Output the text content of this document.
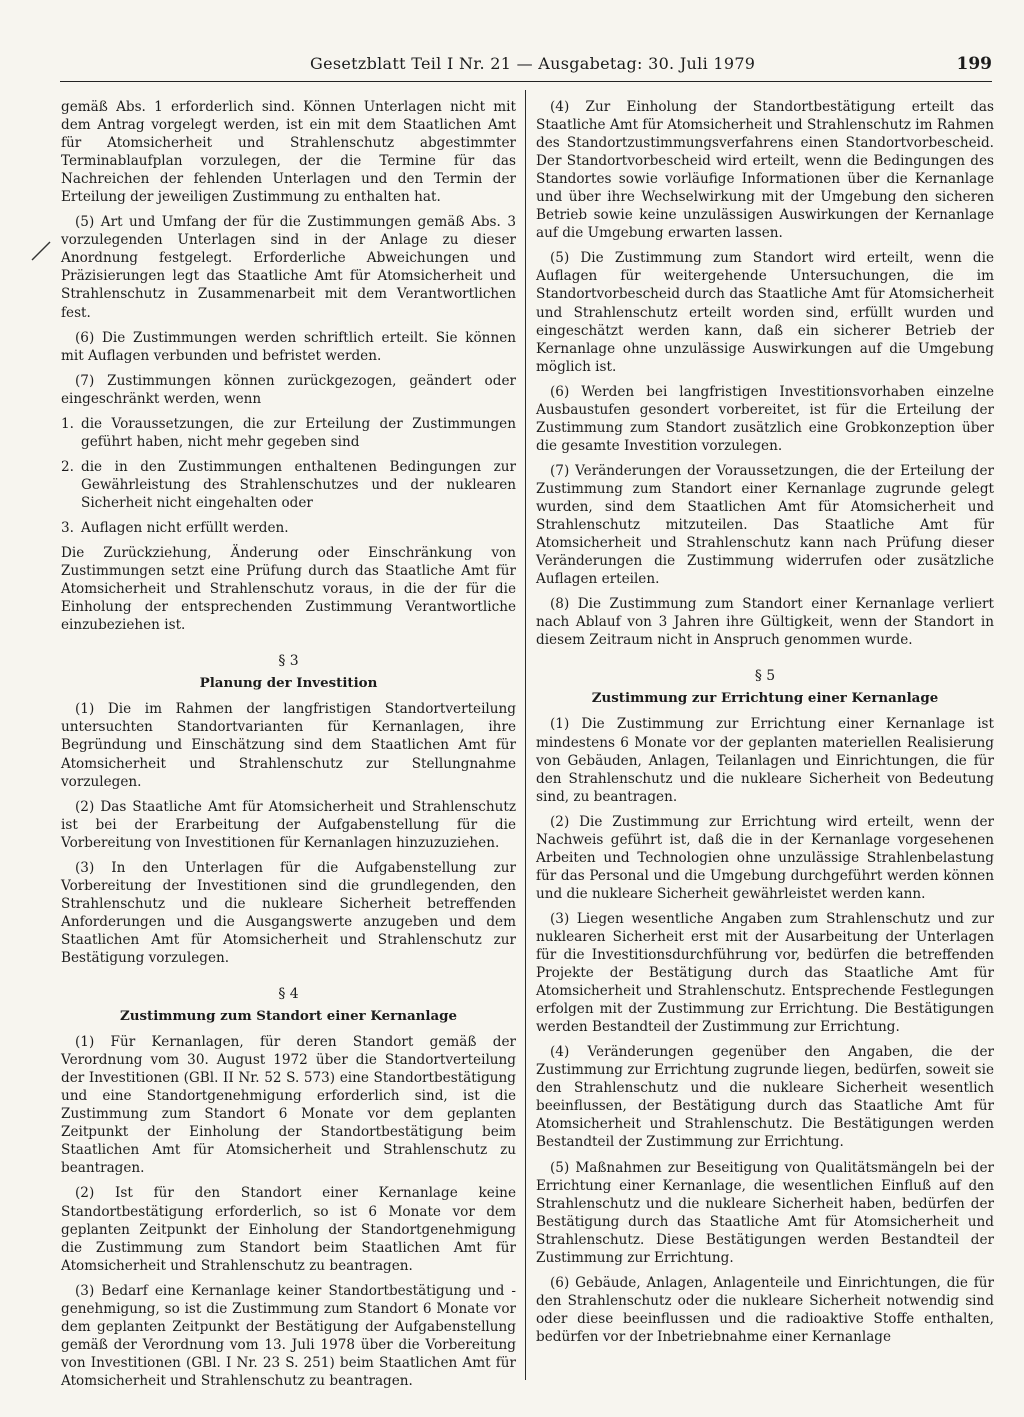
Gesetzblatt Teil I Nr. 21 — Ausgabetag: 30. Juli 1979	199

gemäß Abs. 1 erforderlich sind. Können Unterlagen nicht mit dem Antrag vorgelegt werden, ist ein mit dem Staatlichen Amt für Atomsicherheit und Strahlenschutz abgestimmter Terminablaufplan vorzulegen, der die Termine für das Nachreichen der fehlenden Unterlagen und den Termin der Erteilung der jeweiligen Zustimmung zu enthalten hat.

(5) Art und Umfang der für die Zustimmungen gemäß Abs. 3 vorzulegenden Unterlagen sind in der Anlage zu dieser Anordnung festgelegt. Erforderliche Abweichungen und Präzisierungen legt das Staatliche Amt für Atomsicherheit und Strahlenschutz in Zusammenarbeit mit dem Verantwortlichen fest.

(6) Die Zustimmungen werden schriftlich erteilt. Sie können mit Auflagen verbunden und befristet werden.

(7) Zustimmungen können zurückgezogen, geändert oder eingeschränkt werden, wenn

1. die Voraussetzungen, die zur Erteilung der Zustimmungen geführt haben, nicht mehr gegeben sind
2. die in den Zustimmungen enthaltenen Bedingungen zur Gewährleistung des Strahlenschutzes und der nuklearen Sicherheit nicht eingehalten oder
3. Auflagen nicht erfüllt werden.

Die Zurückziehung, Änderung oder Einschränkung von Zustimmungen setzt eine Prüfung durch das Staatliche Amt für Atomsicherheit und Strahlenschutz voraus, in die der für die Einholung der entsprechenden Zustimmung Verantwortliche einzubeziehen ist.

§ 3
Planung der Investition

(1) Die im Rahmen der langfristigen Standortverteilung untersuchten Standortvarianten für Kernanlagen, ihre Begründung und Einschätzung sind dem Staatlichen Amt für Atomsicherheit und Strahlenschutz zur Stellungnahme vorzulegen.

(2) Das Staatliche Amt für Atomsicherheit und Strahlenschutz ist bei der Erarbeitung der Aufgabenstellung für die Vorbereitung von Investitionen für Kernanlagen hinzuzuziehen.

(3) In den Unterlagen für die Aufgabenstellung zur Vorbereitung der Investitionen sind die grundlegenden, den Strahlenschutz und die nukleare Sicherheit betreffenden Anforderungen und die Ausgangswerte anzugeben und dem Staatlichen Amt für Atomsicherheit und Strahlenschutz zur Bestätigung vorzulegen.

§ 4
Zustimmung zum Standort einer Kernanlage

(1) Für Kernanlagen, für deren Standort gemäß der Verordnung vom 30. August 1972 über die Standortverteilung der Investitionen (GBl. II Nr. 52 S. 573) eine Standortbestätigung und eine Standortgenehmigung erforderlich sind, ist die Zustimmung zum Standort 6 Monate vor dem geplanten Zeitpunkt der Einholung der Standortbestätigung beim Staatlichen Amt für Atomsicherheit und Strahlenschutz zu beantragen.

(2) Ist für den Standort einer Kernanlage keine Standortbestätigung erforderlich, so ist 6 Monate vor dem geplanten Zeitpunkt der Einholung der Standortgenehmigung die Zustimmung zum Standort beim Staatlichen Amt für Atomsicherheit und Strahlenschutz zu beantragen.

(3) Bedarf eine Kernanlage keiner Standortbestätigung und -genehmigung, so ist die Zustimmung zum Standort 6 Monate vor dem geplanten Zeitpunkt der Bestätigung der Aufgabenstellung gemäß der Verordnung vom 13. Juli 1978 über die Vorbereitung von Investitionen (GBl. I Nr. 23 S. 251) beim Staatlichen Amt für Atomsicherheit und Strahlenschutz zu beantragen.

(4) Zur Einholung der Standortbestätigung erteilt das Staatliche Amt für Atomsicherheit und Strahlenschutz im Rahmen des Standortzustimmungsverfahrens einen Standortvorbescheid. Der Standortvorbescheid wird erteilt, wenn die Bedingungen des Standortes sowie vorläufige Informationen über die Kernanlage und über ihre Wechselwirkung mit der Umgebung den sicheren Betrieb sowie keine unzulässigen Auswirkungen der Kernanlage auf die Umgebung erwarten lassen.

(5) Die Zustimmung zum Standort wird erteilt, wenn die Auflagen für weitergehende Untersuchungen, die im Standortvorbescheid durch das Staatliche Amt für Atomsicherheit und Strahlenschutz erteilt worden sind, erfüllt wurden und eingeschätzt werden kann, daß ein sicherer Betrieb der Kernanlage ohne unzulässige Auswirkungen auf die Umgebung möglich ist.

(6) Werden bei langfristigen Investitionsvorhaben einzelne Ausbaustufen gesondert vorbereitet, ist für die Erteilung der Zustimmung zum Standort zusätzlich eine Grobkonzeption über die gesamte Investition vorzulegen.

(7) Veränderungen der Voraussetzungen, die der Erteilung der Zustimmung zum Standort einer Kernanlage zugrunde gelegt wurden, sind dem Staatlichen Amt für Atomsicherheit und Strahlenschutz mitzuteilen. Das Staatliche Amt für Atomsicherheit und Strahlenschutz kann nach Prüfung dieser Veränderungen die Zustimmung widerrufen oder zusätzliche Auflagen erteilen.

(8) Die Zustimmung zum Standort einer Kernanlage verliert nach Ablauf von 3 Jahren ihre Gültigkeit, wenn der Standort in diesem Zeitraum nicht in Anspruch genommen wurde.

§ 5
Zustimmung zur Errichtung einer Kernanlage

(1) Die Zustimmung zur Errichtung einer Kernanlage ist mindestens 6 Monate vor der geplanten materiellen Realisierung von Gebäuden, Anlagen, Teilanlagen und Einrichtungen, die für den Strahlenschutz und die nukleare Sicherheit von Bedeutung sind, zu beantragen.

(2) Die Zustimmung zur Errichtung wird erteilt, wenn der Nachweis geführt ist, daß die in der Kernanlage vorgesehenen Arbeiten und Technologien ohne unzulässige Strahlenbelastung für das Personal und die Umgebung durchgeführt werden können und die nukleare Sicherheit gewährleistet werden kann.

(3) Liegen wesentliche Angaben zum Strahlenschutz und zur nuklearen Sicherheit erst mit der Ausarbeitung der Unterlagen für die Investitionsdurchführung vor, bedürfen die betreffenden Projekte der Bestätigung durch das Staatliche Amt für Atomsicherheit und Strahlenschutz. Entsprechende Festlegungen erfolgen mit der Zustimmung zur Errichtung. Die Bestätigungen werden Bestandteil der Zustimmung zur Errichtung.

(4) Veränderungen gegenüber den Angaben, die der Zustimmung zur Errichtung zugrunde liegen, bedürfen, soweit sie den Strahlenschutz und die nukleare Sicherheit wesentlich beeinflussen, der Bestätigung durch das Staatliche Amt für Atomsicherheit und Strahlenschutz. Die Bestätigungen werden Bestandteil der Zustimmung zur Errichtung.

(5) Maßnahmen zur Beseitigung von Qualitätsmängeln bei der Errichtung einer Kernanlage, die wesentlichen Einfluß auf den Strahlenschutz und die nukleare Sicherheit haben, bedürfen der Bestätigung durch das Staatliche Amt für Atomsicherheit und Strahlenschutz. Diese Bestätigungen werden Bestandteil der Zustimmung zur Errichtung.

(6) Gebäude, Anlagen, Anlagenteile und Einrichtungen, die für den Strahlenschutz oder die nukleare Sicherheit notwendig sind oder diese beeinflussen und die radioaktive Stoffe enthalten, bedürfen vor der Inbetriebnahme einer Kernanlage
